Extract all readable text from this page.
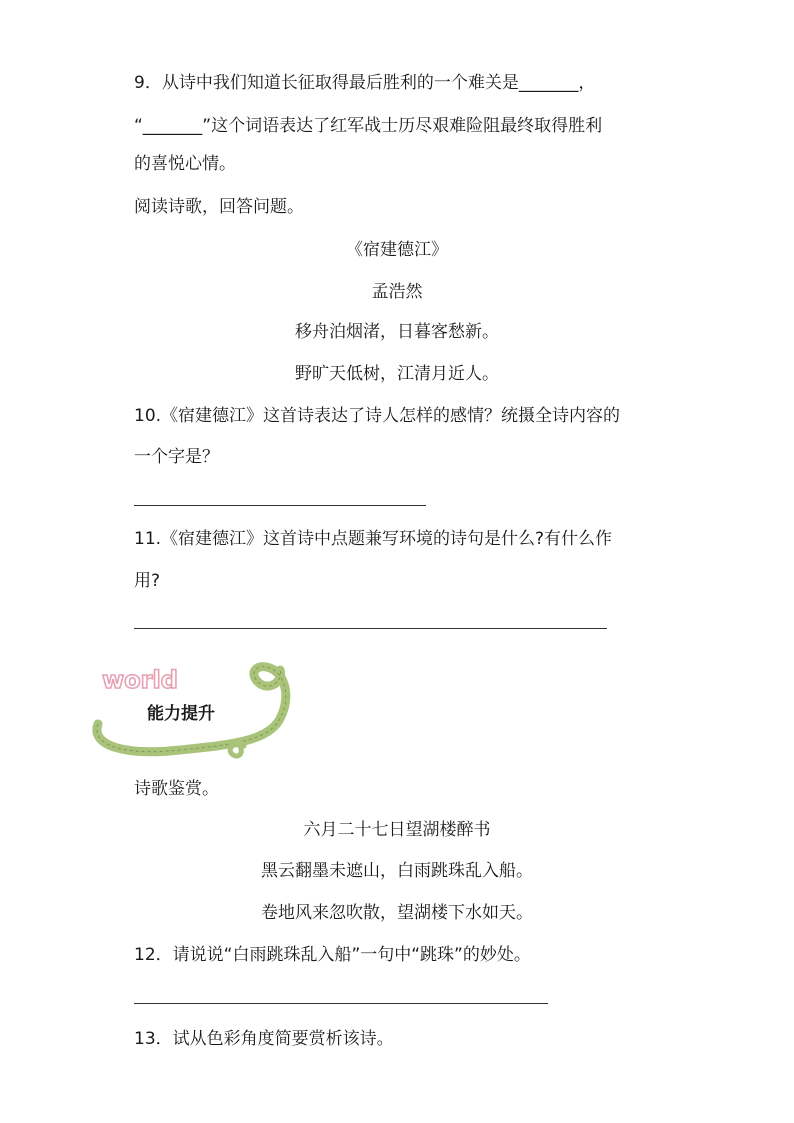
9．从诗中我们知道长征取得最后胜利的一个难关是_______，
“_______”这个词语表达了红军战士历尽艰难险阻最终取得胜利
的喜悦心情。
阅读诗歌，回答问题。
《宿建德江》
孟浩然
移舟泊烟渚，日暮客愁新。
野旷天低树，江清月近人。
10.《宿建德江》这首诗表达了诗人怎样的感情？统摄全诗内容的
一个字是？
11.《宿建德江》这首诗中点题兼写环境的诗句是什么?有什么作
用?
world
能力提升
诗歌鉴赏。
六月二十七日望湖楼醉书
黑云翻墨未遮山，白雨跳珠乱入船。
卷地风来忽吹散，望湖楼下水如天。
12．请说说“白雨跳珠乱入船”一句中“跳珠”的妙处。
13．试从色彩角度简要赏析该诗。
